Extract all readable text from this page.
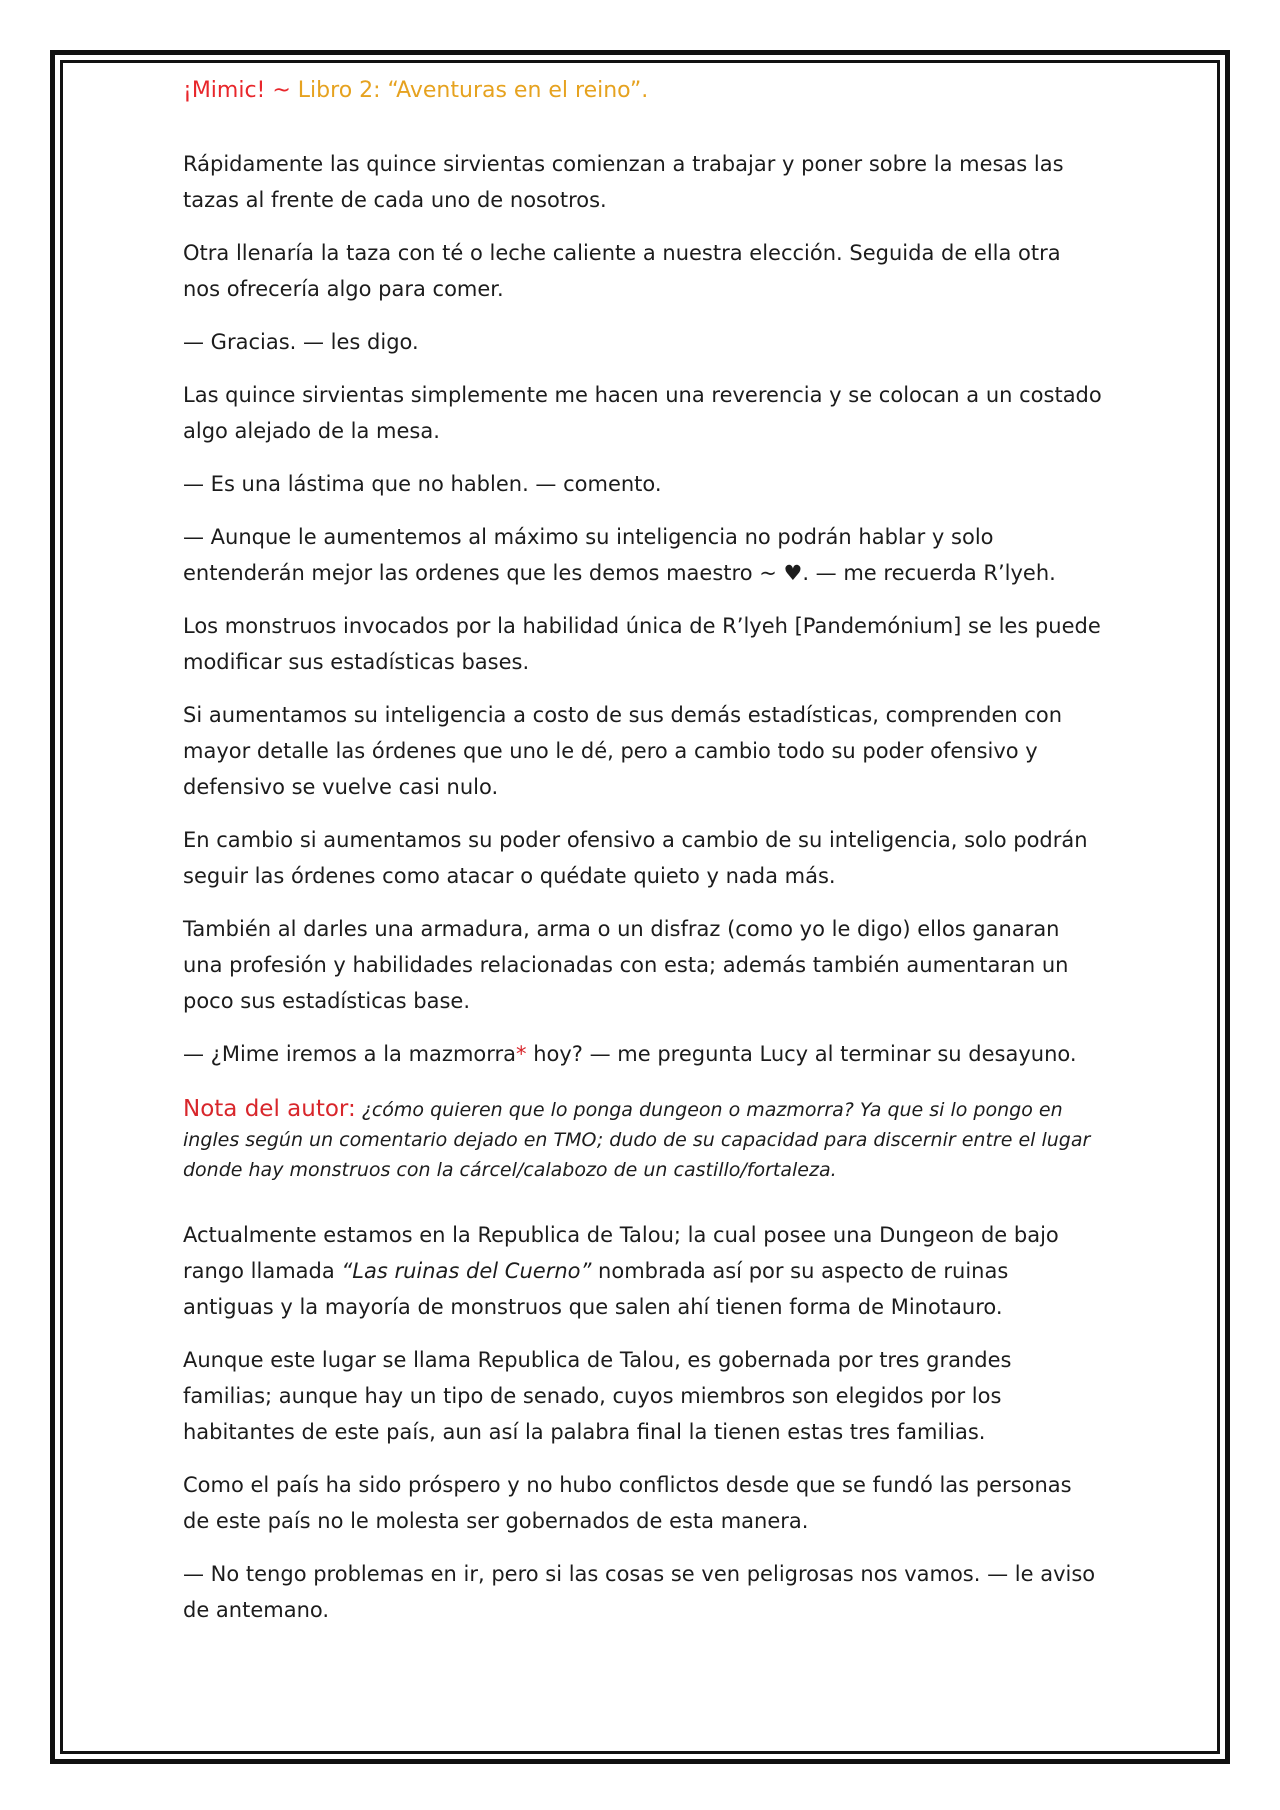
¡Mimic! ~ Libro 2: “Aventuras en el reino”.

Rápidamente las quince sirvientas comienzan a trabajar y poner sobre la mesas las tazas al frente de cada uno de nosotros.

Otra llenaría la taza con té o leche caliente a nuestra elección. Seguida de ella otra nos ofrecería algo para comer.

— Gracias. — les digo.

Las quince sirvientas simplemente me hacen una reverencia y se colocan a un costado algo alejado de la mesa.

— Es una lástima que no hablen. — comento.

— Aunque le aumentemos al máximo su inteligencia no podrán hablar y solo entenderán mejor las ordenes que les demos maestro ~ ♥. — me recuerda R’lyeh.

Los monstruos invocados por la habilidad única de R’lyeh [Pandemónium] se les puede modificar sus estadísticas bases.

Si aumentamos su inteligencia a costo de sus demás estadísticas, comprenden con mayor detalle las órdenes que uno le dé, pero a cambio todo su poder ofensivo y defensivo se vuelve casi nulo.

En cambio si aumentamos su poder ofensivo a cambio de su inteligencia, solo podrán seguir las órdenes como atacar o quédate quieto y nada más.

También al darles una armadura, arma o un disfraz (como yo le digo) ellos ganaran una profesión y habilidades relacionadas con esta; además también aumentaran un poco sus estadísticas base.

— ¿Mime iremos a la mazmorra* hoy? — me pregunta Lucy al terminar su desayuno.

Nota del autor: ¿cómo quieren que lo ponga dungeon o mazmorra? Ya que si lo pongo en ingles según un comentario dejado en TMO; dudo de su capacidad para discernir entre el lugar donde hay monstruos con la cárcel/calabozo de un castillo/fortaleza.

Actualmente estamos en la Republica de Talou; la cual posee una Dungeon de bajo rango llamada “Las ruinas del Cuerno” nombrada así por su aspecto de ruinas antiguas y la mayoría de monstruos que salen ahí tienen forma de Minotauro.

Aunque este lugar se llama Republica de Talou, es gobernada por tres grandes familias; aunque hay un tipo de senado, cuyos miembros son elegidos por los habitantes de este país, aun así la palabra final la tienen estas tres familias.

Como el país ha sido próspero y no hubo conflictos desde que se fundó las personas de este país no le molesta ser gobernados de esta manera.

— No tengo problemas en ir, pero si las cosas se ven peligrosas nos vamos. — le aviso de antemano.
